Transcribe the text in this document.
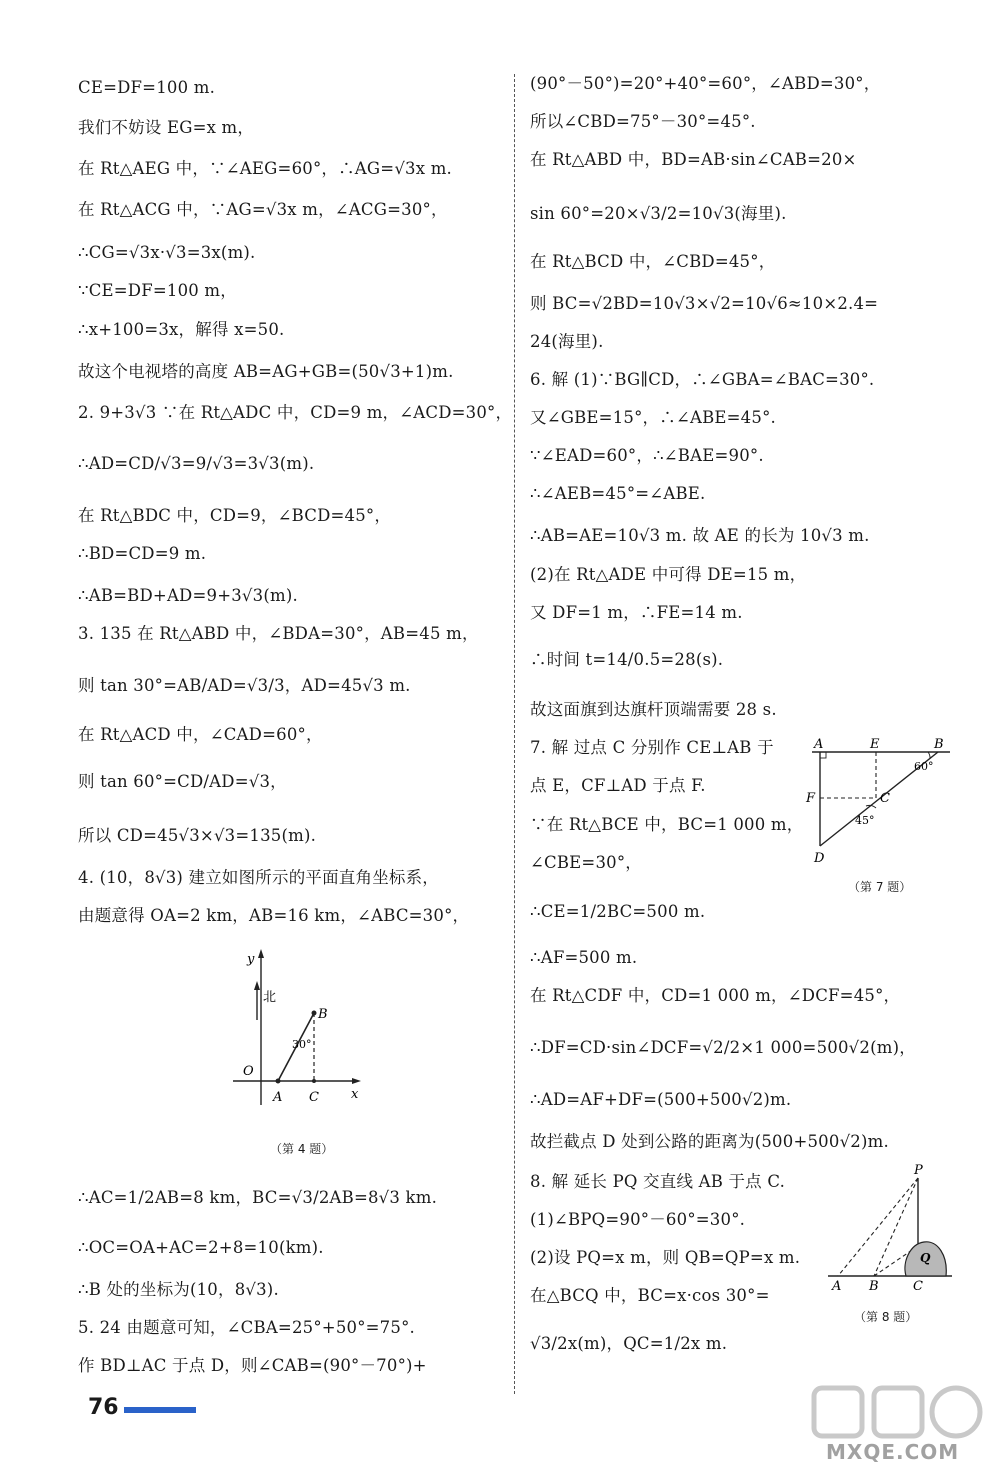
CE=DF=100 m.
我们不妨设 EG=x m，
在 Rt△AEG 中，∵∠AEG=60°，∴AG=√3x m.
在 Rt△ACG 中，∵AG=√3x m，∠ACG=30°，
∴CG=√3x·√3=3x(m).
∵CE=DF=100 m，
∴x+100=3x，解得 x=50.
故这个电视塔的高度 AB=AG+GB=(50√3+1)m.
2. 9+3√3 ∵在 Rt△ADC 中，CD=9 m，∠ACD=30°，
∴AD=CD/√3=9/√3=3√3(m).
在 Rt△BDC 中，CD=9，∠BCD=45°，
∴BD=CD=9 m.
∴AB=BD+AD=9+3√3(m).
3. 135 在 Rt△ABD 中，∠BDA=30°，AB=45 m，
则 tan 30°=AB/AD=√3/3，AD=45√3 m.
在 Rt△ACD 中，∠CAD=60°，
则 tan 60°=CD/AD=√3，
所以 CD=45√3×√3=135(m).
4. (10，8√3) 建立如图所示的平面直角坐标系，
由题意得 OA=2 km，AB=16 km，∠ABC=30°，
y
北
B
30°
O
A C x
（第 4 题）
∴AC=1/2AB=8 km，BC=√3/2AB=8√3 km.
∴OC=OA+AC=2+8=10(km).
∴B 处的坐标为(10，8√3).
5. 24 由题意可知，∠CBA=25°+50°=75°.
作 BD⊥AC 于点 D，则∠CAB=(90°－70°)+
(90°－50°)=20°+40°=60°，∠ABD=30°，
所以∠CBD=75°－30°=45°.
在 Rt△ABD 中，BD=AB·sin∠CAB=20×
sin 60°=20×√3/2=10√3(海里).
在 Rt△BCD 中，∠CBD=45°，
则 BC=√2BD=10√3×√2=10√6≈10×2.4=
24(海里).
6. 解 (1)∵BG∥CD，∴∠GBA=∠BAC=30°.
又∠GBE=15°，∴∠ABE=45°.
∵∠EAD=60°，∴∠BAE=90°.
∴∠AEB=45°=∠ABE.
∴AB=AE=10√3 m. 故 AE 的长为 10√3 m.
(2)在 Rt△ADE 中可得 DE=15 m，
又 DF=1 m，∴FE=14 m.
∴时间 t=14/0.5=28(s).
故这面旗到达旗杆顶端需要 28 s.
7. 解 过点 C 分别作 CE⊥AB 于
点 E，CF⊥AD 于点 F.
∵在 Rt△BCE 中，BC=1 000 m，
∠CBE=30°，
A	E	B
60°
F	C
45°
D
（第 7 题）
∴CE=1/2BC=500 m.
∴AF=500 m.
在 Rt△CDF 中，CD=1 000 m，∠DCF=45°，
∴DF=CD·sin∠DCF=√2/2×1 000=500√2(m)，
∴AD=AF+DF=(500+500√2)m.
故拦截点 D 处到公路的距离为(500+500√2)m.
8. 解 延长 PQ 交直线 AB 于点 C.
(1)∠BPQ=90°－60°=30°.
(2)设 PQ=x m，则 QB=QP=x m.
在△BCQ 中，BC=x·cos 30°=
√3/2x(m)，QC=1/2x m.
P
Q
A B	C
（第 8 题）
76
MXQE.COM
